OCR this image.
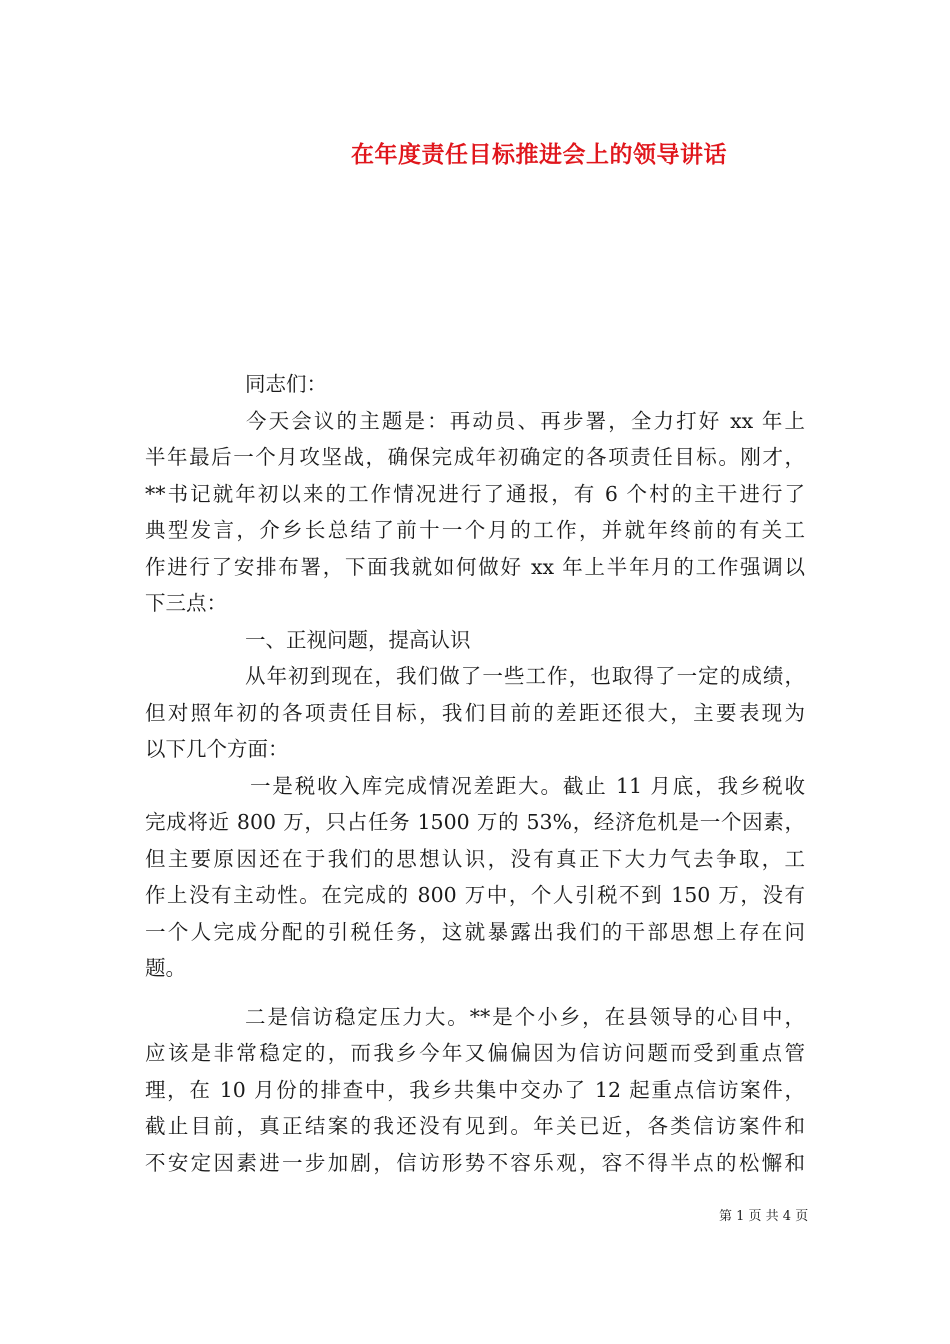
在年度责任目标推进会上的领导讲话
同志们：
今天会议的主题是：再动员、再步署，全力打好 xx 年上
半年最后一个月攻坚战，确保完成年初确定的各项责任目标。刚才，
**书记就年初以来的工作情况进行了通报，有 6 个村的主干进行了
典型发言，介乡长总结了前十一个月的工作，并就年终前的有关工
作进行了安排布署，下面我就如何做好 xx 年上半年月的工作强调以
下三点：
一、正视问题，提高认识
从年初到现在，我们做了一些工作，也取得了一定的成绩，
但对照年初的各项责任目标，我们目前的差距还很大，主要表现为
以下几个方面：
一是税收入库完成情况差距大。截止 11 月底，我乡税收
完成将近 800 万，只占任务 1500 万的 53%，经济危机是一个因素，
但主要原因还在于我们的思想认识，没有真正下大力气去争取，工
作上没有主动性。在完成的 800 万中，个人引税不到 150 万，没有
一个人完成分配的引税任务，这就暴露出我们的干部思想上存在问
题。
二是信访稳定压力大。**是个小乡，在县领导的心目中，
应该是非常稳定的，而我乡今年又偏偏因为信访问题而受到重点管
理，在 10 月份的排查中，我乡共集中交办了 12 起重点信访案件，
截止目前，真正结案的我还没有见到。年关已近，各类信访案件和
不安定因素进一步加剧，信访形势不容乐观，容不得半点的松懈和
第 1 页 共 4 页
